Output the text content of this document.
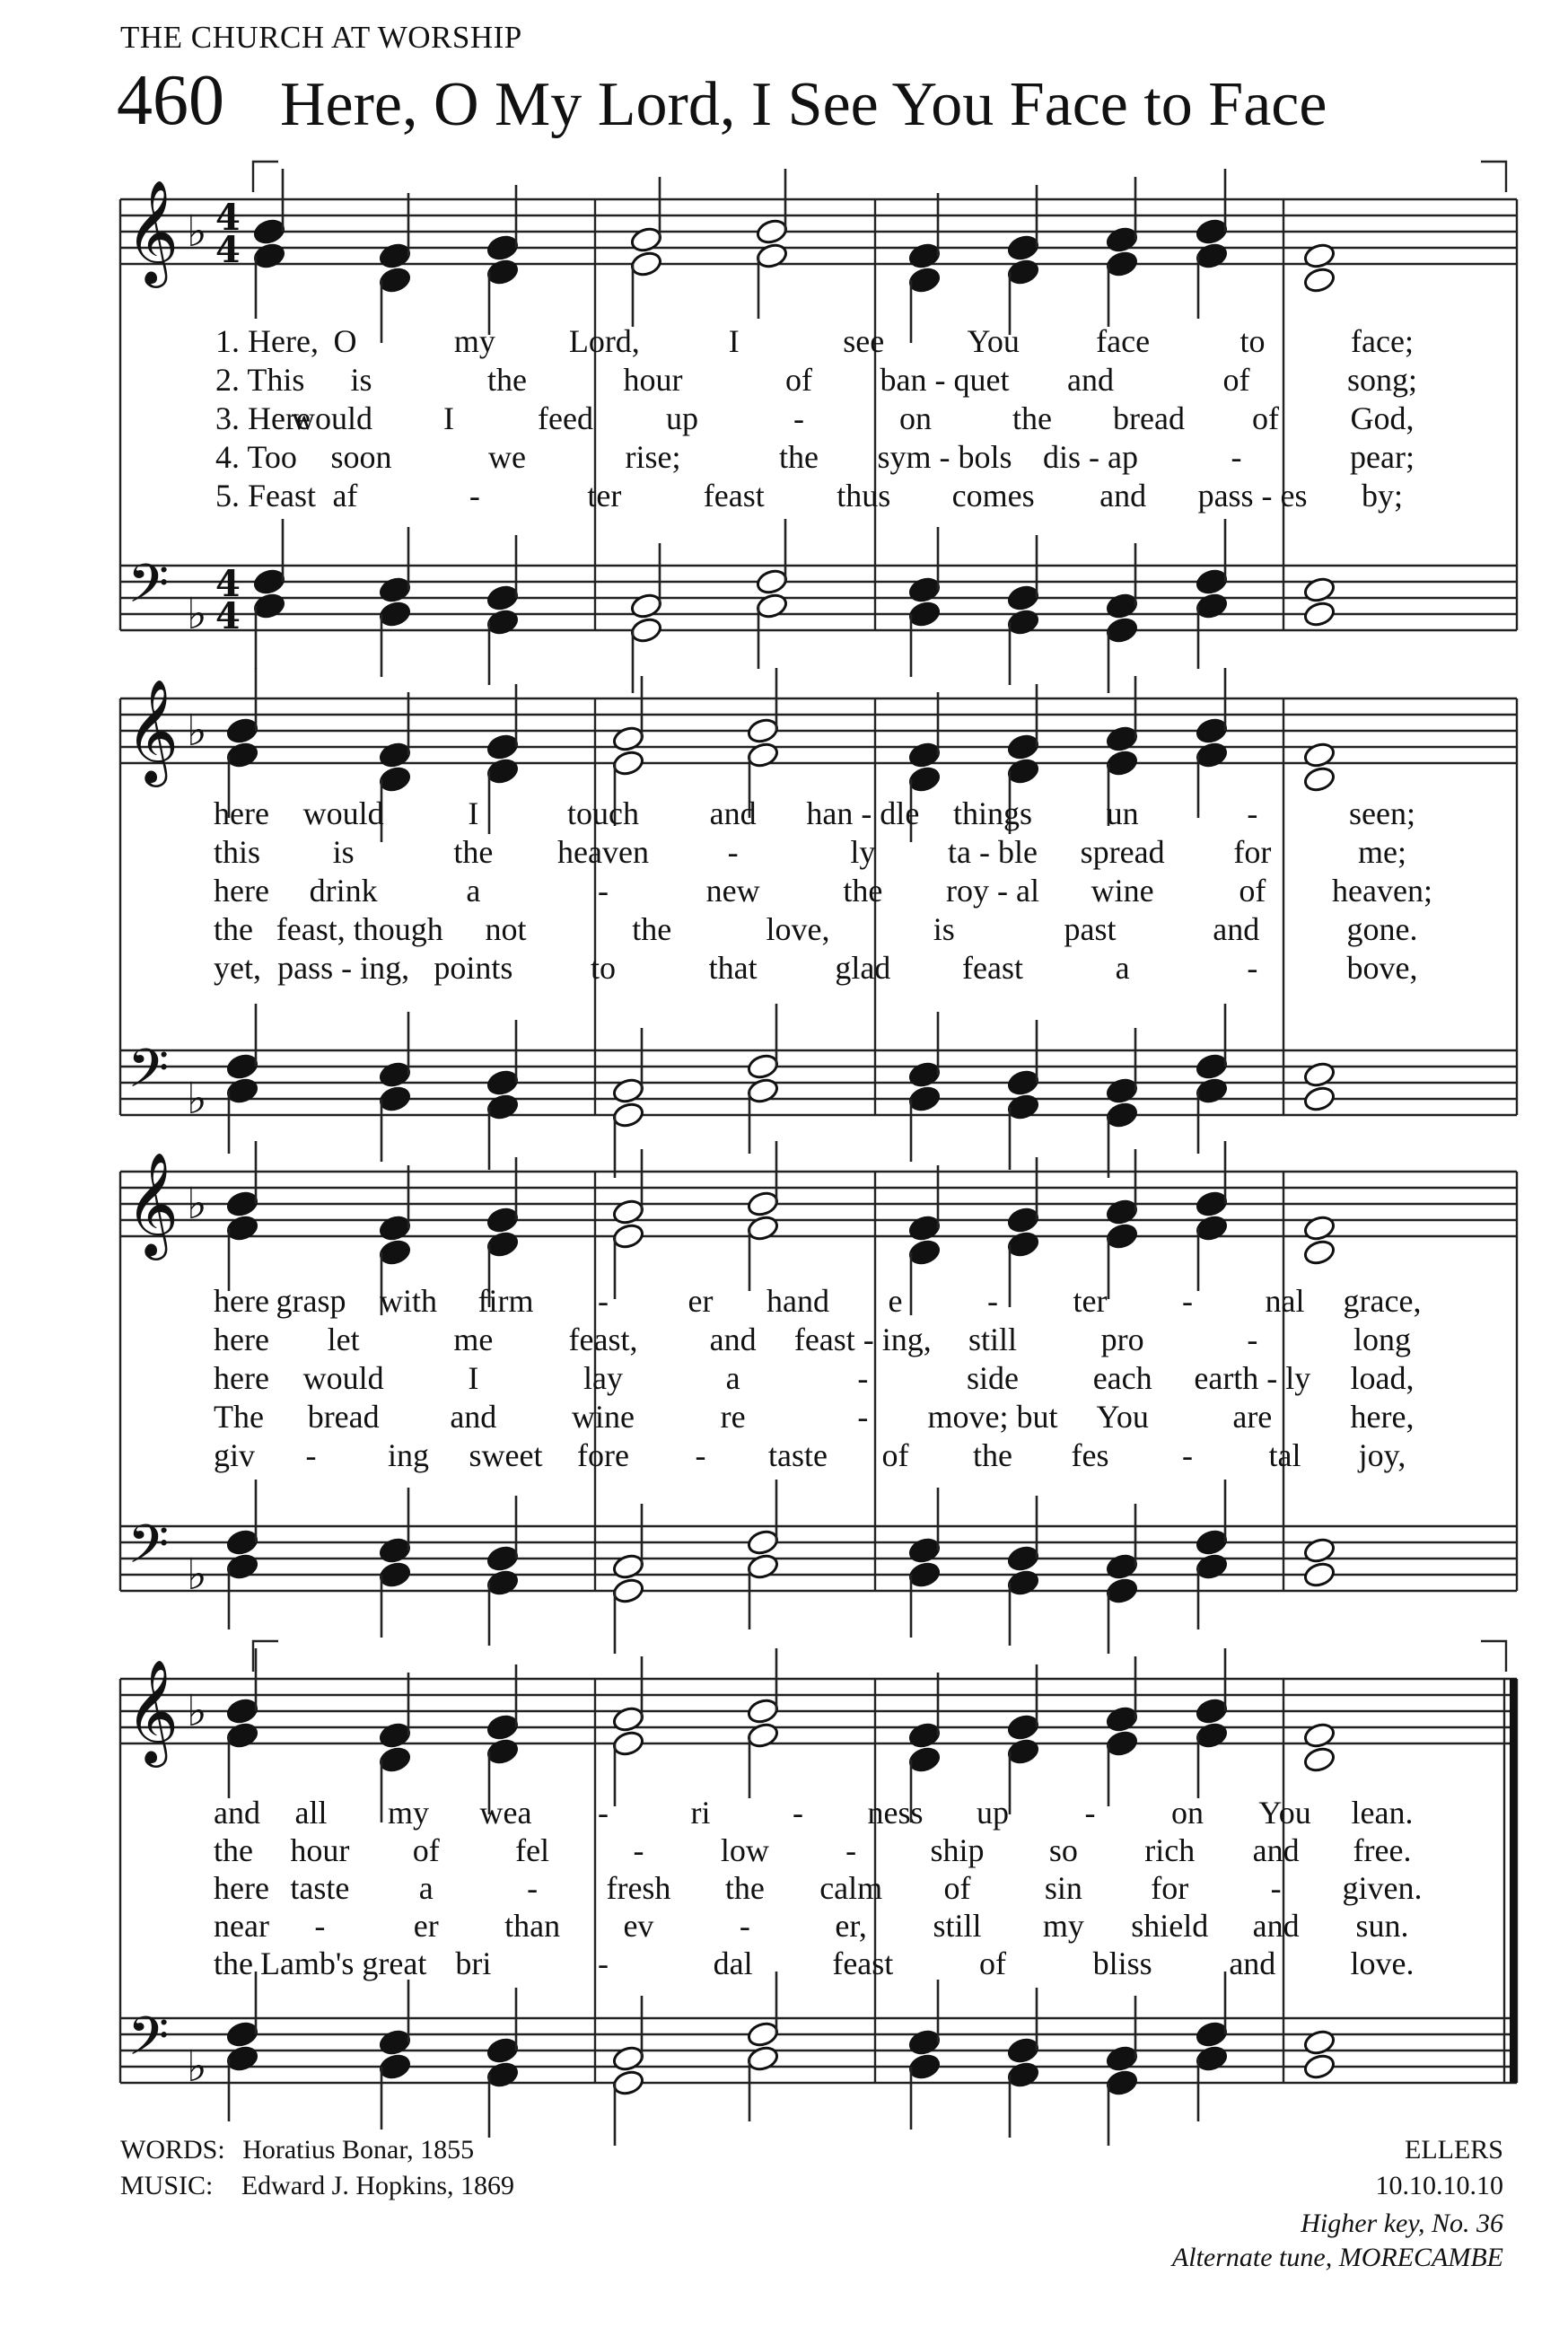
THE CHURCH AT WORSHIP
460 Here, O My Lord, I See You Face to Face
𝄞
𝄢
♭
♭
4
4
4
4
1. Here, O	my Lord,	I	see	You face	to	face;
2. This is	the	hour	of ban - quet and	of	song;
3. Here
would I	feed up	-	on	the bread of God,
4. Too soon	we	rise;	the sym - bols dis - ap	-	pear;
5. Feast af	-	ter	feast thus comes and pass - es by;
𝄞
𝄢
♭
♭
here would	I	touch and han - dle things un	-	seen;
this is	the heaven -	ly ta - ble spread for	me;
here drink	a	-	new	the roy - al wine	of heaven;
the feast, though not	the	love,	is	past	and	gone.
yet, pass - ing, points to	that glad feast	a	-	bove,
𝄞
𝄢
♭
♭
here grasp with firm - er hand e	- ter - nal grace,
here let	me feast, and feast - ing, still	pro	-	long
here would	I	lay	a	-	side each earth - ly load,
The bread and wine	re	- move; but You	are here,
giv - ing sweet fore - taste of the fes - tal joy,
𝄞
𝄢
♭
♭
and all my wea -	ri	- ness up - on You lean.
the hour of fel	- low - ship so rich and free.
here taste a	- fresh the calm of sin for	- given.
near -	er than ev	-	er, still my shield and sun.
the Lamb's great bri	-	dal feast	of	bliss and love.
WORDS: Horatius Bonar, 1855
MUSIC: Edward J. Hopkins, 1869
ELLERS
10.10.10.10
Higher key, No. 36
Alternate tune, MORECAMBE
